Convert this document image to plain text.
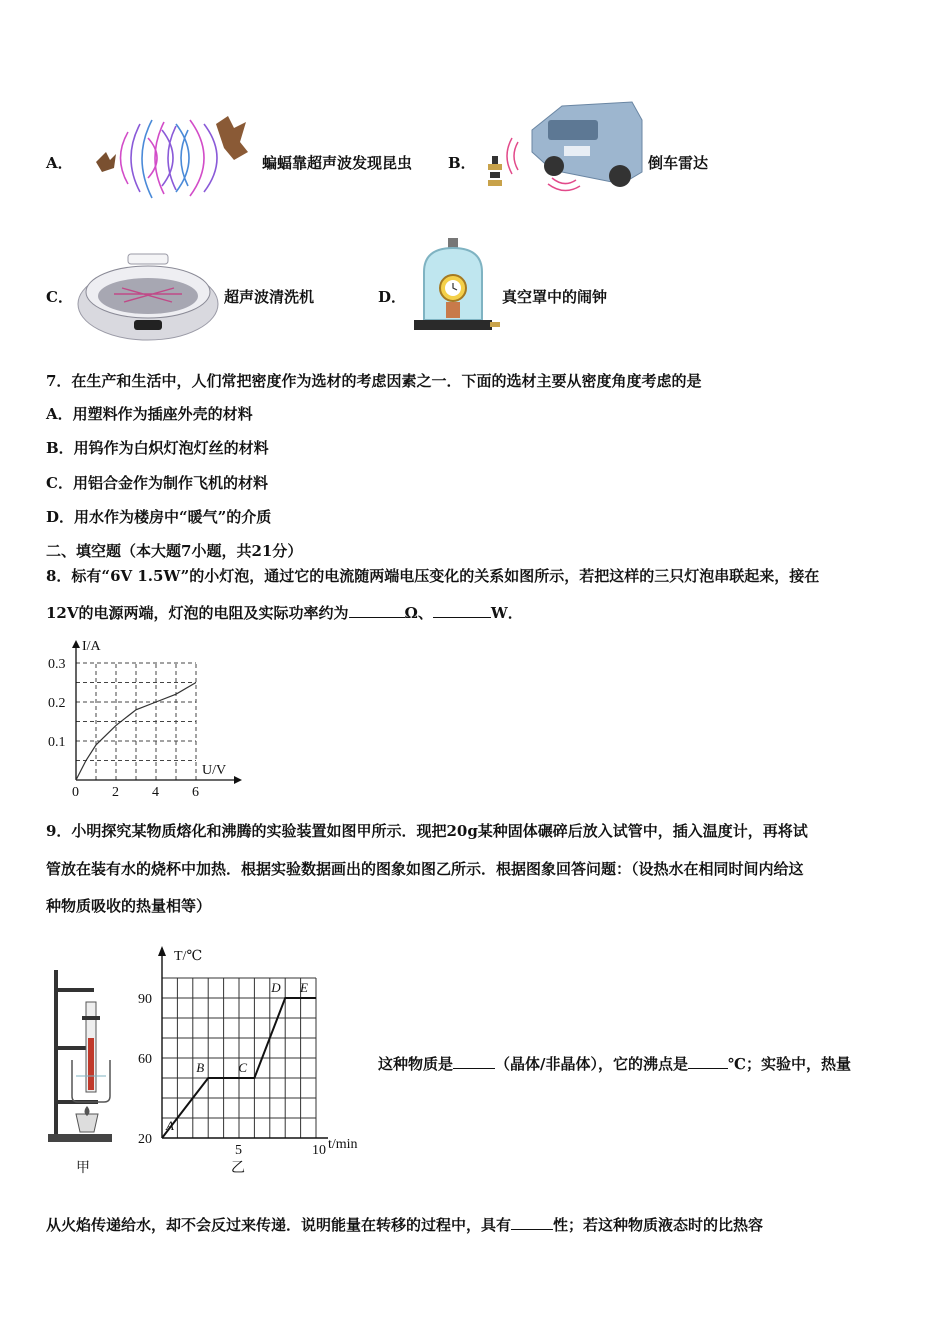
A．	蝙蝠靠超声波发现昆虫 B．	倒车雷达
C．	超声波清洗机	D．	真空罩中的闹钟
7．在生产和生活中，人们常把密度作为选材的考虑因素之一．下面的选材主要从密度角度考虑的是
A．用塑料作为插座外壳的材料
B．用钨作为白炽灯泡灯丝的材料
C．用铝合金作为制作飞机的材料
D．用水作为楼房中“暖气”的介质
二、填空题（本大题7小题，共21分）
8．标有“6V 1.5W”的小灯泡，通过它的电流随两端电压变化的关系如图所示，若把这样的三只灯泡串联起来，接在
12V的电源两端，灯泡的电阻及实际功率约为	Ω、	W．
I/A
U/V
0 2 4 6
0.1
0.2
0.3
9．小明探究某物质熔化和沸腾的实验装置如图甲所示．现把20g某种固体碾碎后放入试管中，插入温度计，再将试
管放在装有水的烧杯中加热．根据实验数据画出的图象如图乙所示．根据图象回答问题：（设热水在相同时间内给这
种物质吸收的热量相等）
甲
T/℃
t/min
5	10
20
60
90
A
B	C
D E
乙
这种物质是	（晶体/非晶体），它的沸点是	℃；实验中，热量
从火焰传递给水，却不会反过来传递．说明能量在转移的过程中，具有	性；若这种物质液态时的比热容
